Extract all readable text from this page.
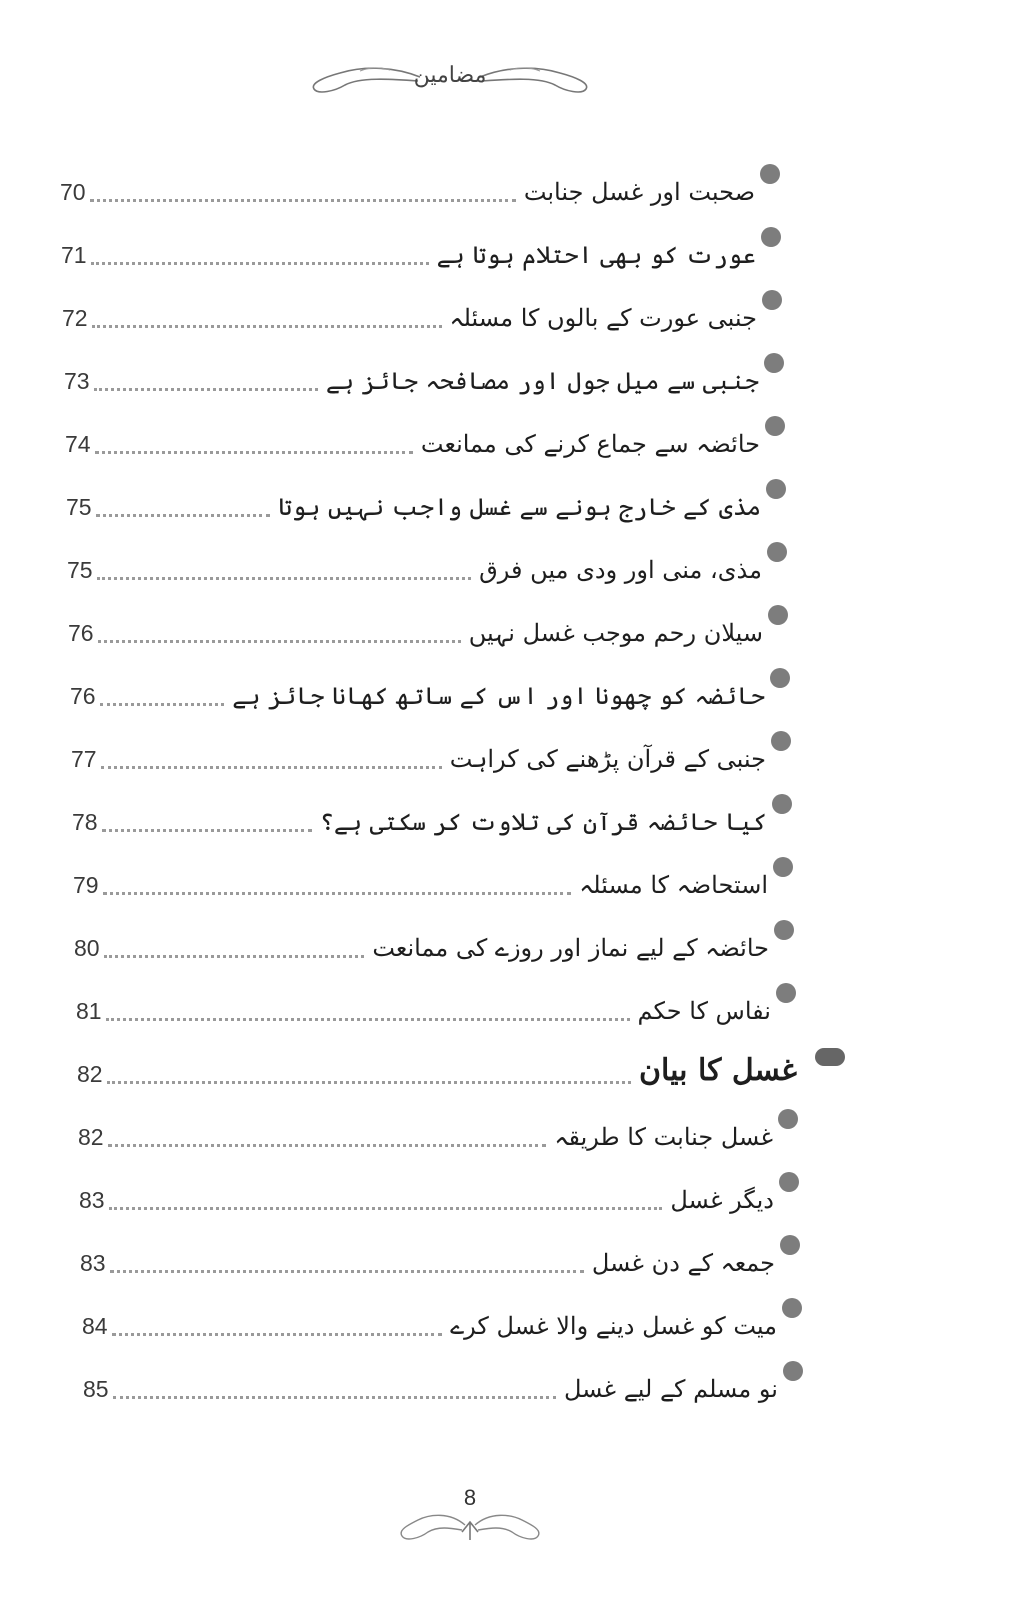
مضامین
70	صحبت اور غسل جنابت
71	عورت کو بھی احتلام ہوتا ہے
72	جنبی عورت کے بالوں کا مسئلہ
73	جنبی سے میل جول اور مصافحہ جائز ہے
74	حائضہ سے جماع کرنے کی ممانعت
75	مذی کے خارج ہونے سے غسل واجب نہیں ہوتا
75	مذی، منی اور ودی میں فرق
76	سیلان رحم موجب غسل نہیں
76	حائضہ کو چھونا اور اس کے ساتھ کھانا جائز ہے
77	جنبی کے قرآن پڑھنے کی کراہت
78	کیا حائضہ قرآن کی تلاوت کر سکتی ہے؟
79	استحاضہ کا مسئلہ
80	حائضہ کے لیے نماز اور روزے کی ممانعت
81	نفاس کا حکم
82	غسل کا بیان
82	غسل جنابت کا طریقہ
83	دیگر غسل
83	جمعہ کے دن غسل
84	میت کو غسل دینے والا غسل کرے
85	نو مسلم کے لیے غسل
8
